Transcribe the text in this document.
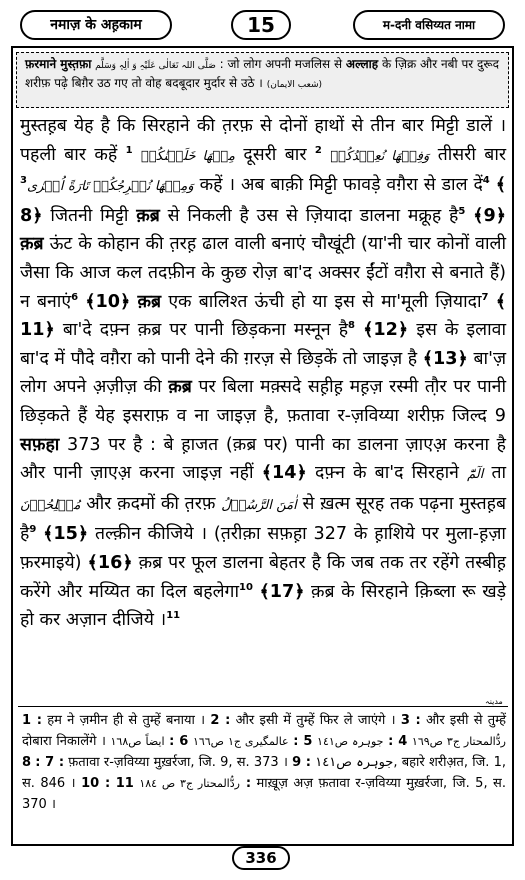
नमाज़ के अह़काम	15	म-दनी वसिय्यत नामा
फ़रमाने मुस्त़फ़ा صَلَّی اللہ تَعَالٰی عَلَیْہِ وَ اٰلِہٖ وَسَلَّم : जो लोग अपनी मजलिस से अल्लाह के ज़िक्र और नबी पर दुरूद शरीफ़ पढ़े बिग़ैर उठ गए तो वोह बदबूदार मुर्दार से उठे । (شعب الایمان)
मुस्तह़ब येह है कि सिरहाने की त़रफ़ से दोनों हाथों से तीन बार मिट्टी डालें । पहली बार कहें $^1$ مِنۡهَا خَلَقۡنٰكُمۡ दूसरी बार $^2$ وَفِيۡهَا نُعِيۡدُكُمۡ तीसरी बार وَمِنۡهَا نُخۡرِجُكُمۡ تَارَةً اُخۡرٰى$^3$	कहें । अब बाक़ी मिट्टी फावड़े वग़ैरा से डाल दें$^4$ ﴾8﴿ जितनी मिट्टी क़ब्र से निकली है उस से ज़ियादा डालना मक्रूह है$^5$ ﴾9﴿ क़ब्र ऊंट के कोहान की त़रह़ ढाल वाली बनाएं चौखूंटी (या'नी चार कोनों वाली जैसा कि आज कल तदफ़ीन के कुछ रोज़ बा'द अक्सर ईंटों वग़ैरा से बनाते हैं) न बनाएं$^6$ ﴾10﴿ क़ब्र एक बालिश्त ऊंची हो या इस से मा'मूली ज़ियादा$^7$ ﴾11﴿ बा'दे दफ़्न क़ब्र पर पानी छिड़कना मस्नून है$^8$ ﴾12﴿ इस के इलावा बा'द में पौदे वग़ैरा को पानी देने की ग़रज़ से छिड़कें तो जाइज़ है ﴾13﴿ बा'ज़ लोग अपने अ़ज़ीज़ की क़ब्र पर बिला मक़्सदे सह़ीह़ मह़ज़ रस्मी तौ़र पर पानी छिड़कते हैं येह इसराफ़ व ना जाइज़ है, फ़तावा र-ज़विय्या शरीफ़ जिल्द 9 सफ़हा 373 पर है : बे ह़ाजत (क़ब्र पर) पानी का डालना ज़ाएअ़ करना है और पानी ज़ाएअ़ करना जाइज़ नहीं ﴾14﴿ दफ़्न के बा'द सिरहाने الٓمّٓ ता مُفۡلِحُوۡنَ और क़दमों की त़रफ़ اٰمَنَ الرَّسُوۡلُ से ख़त्म सूरह तक पढ़ना मुस्तह़ब है$^9$ ﴾15﴿ तल्क़ीन कीजिये । (त़रीक़ा सफ़ह़ा 327 के ह़ाशिये पर मुला-ह़ज़ा फ़रमाइये) ﴾16﴿ क़ब्र पर फूल डालना बेहतर है कि जब तक तर रहेंगे तस्बीह़ करेंगे और मय्यित का दिल बहलेगा$^{10}$ ﴾17﴿ क़ब्र के सिरहाने क़िब्ला रू खड़े हो कर अज़ान दीजिये ।$^{11}$
مدینہ
1 : हम ने ज़मीन ही से तुम्हें बनाया । 2 : और इसी में तुम्हें फिर ले जाएंगे । 3 : और इसी से तुम्हें दोबारा निकालेंगे ।	ردُّالمحتار ج٣ ص١٦٩ 4 : جوہرہ ص١٤١ 5 : عالمگیری ج١ ص١٦٦ 6 : ایضاً ص١٦٨ 7 : 8 : फ़तावा र-ज़विय्या मुख़र्रजा, जि. 9, स. 373 । 9 : جوہرہ ص١٤١, बहारे शरीअ़त, जि. 1, स. 846 । 10 :	ردُّالمحتار ج٣ ص ١٨٤ 11 : माख़ूज़ अज़ फ़तावा र-ज़विय्या मुख़र्रजा, जि. 5, स. 370 ।
336
